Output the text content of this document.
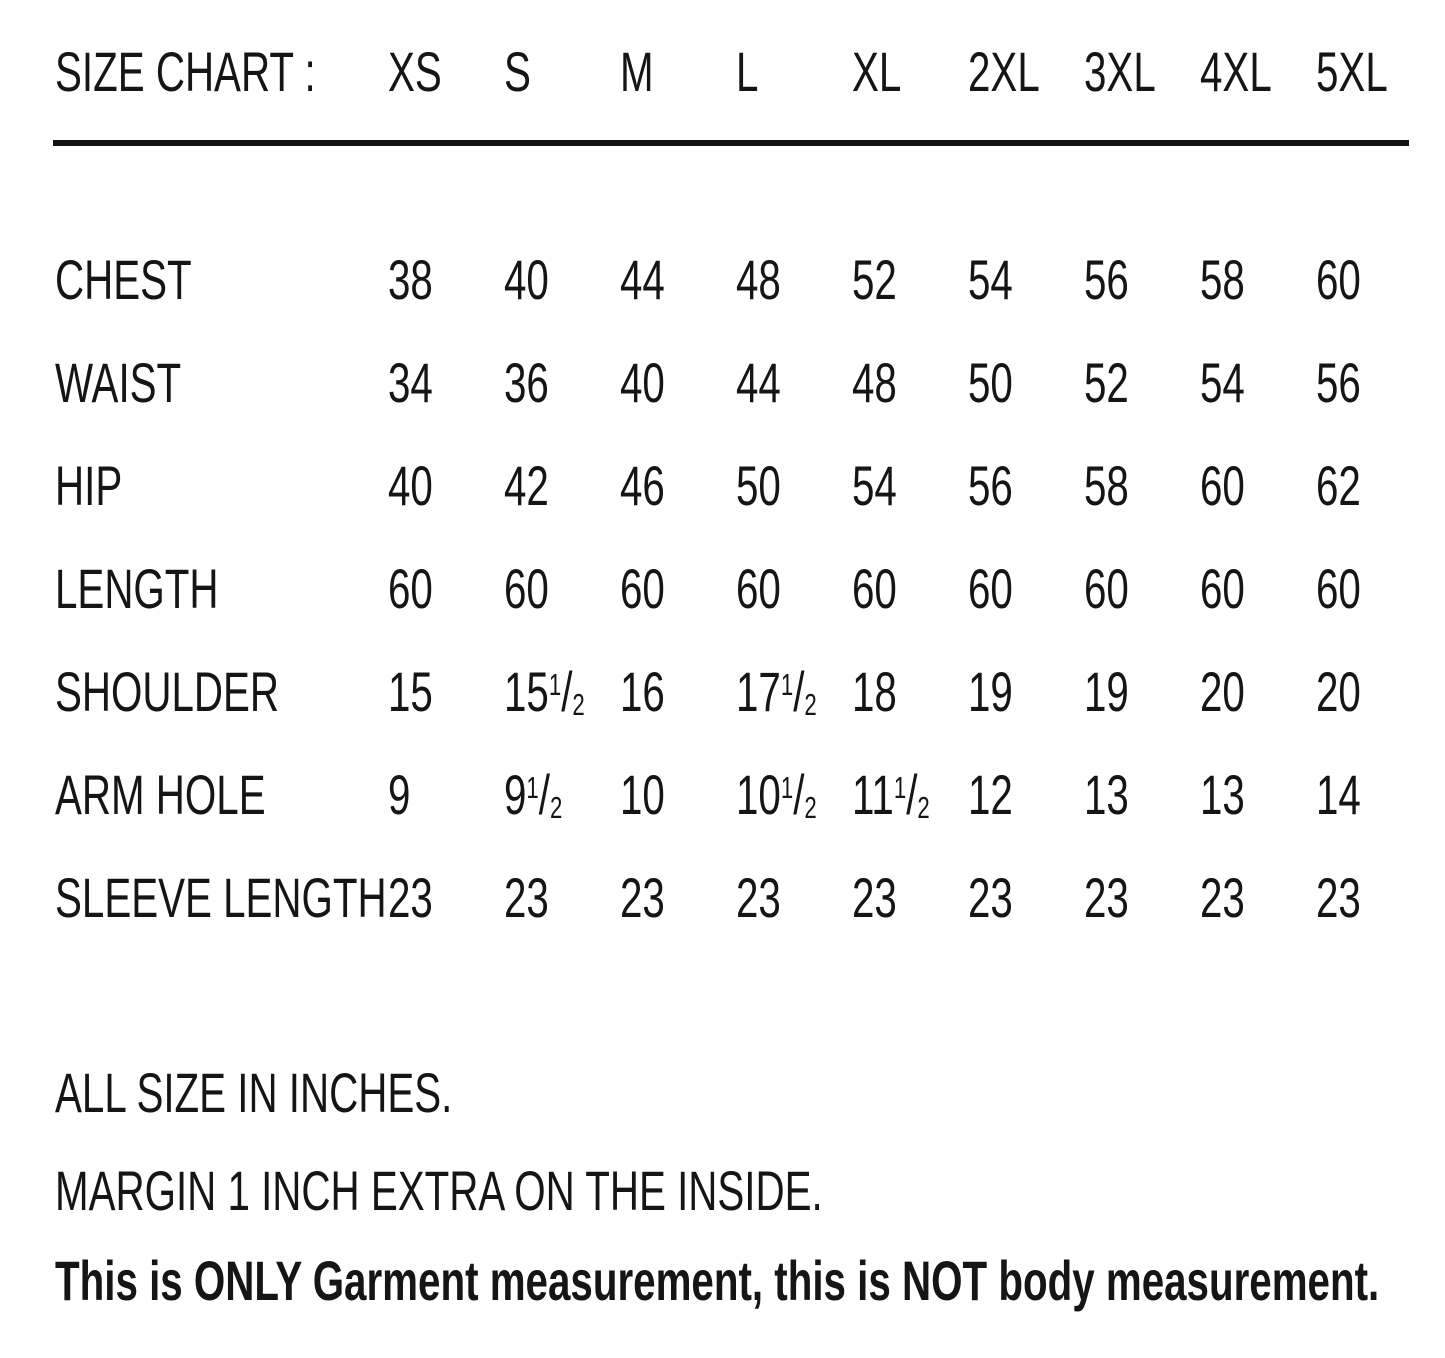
SIZE CHART : XS S M L XL 2XL 3XL 4XL 5XL
CHEST	38 40 44 48 52 54 56 58 60
WAIST	34 36 40 44 48 50 52 54 56
HIP	40 42 46 50 54 56 58 60 62
LENGTH	60 60 60 60 60 60 60 60 60
SHOULDER 15 $15^1/2$ 16 $17^1/2$ 18 19 19 20 20
ARM HOLE 9 $9^1/2$ 10 $10^1/2$ $11^1/2$ 12 13 13 14
SLEEVE LENGTH 23 23 23 23 23 23 23 23 23
ALL SIZE IN INCHES.
MARGIN 1 INCH EXTRA ON THE INSIDE.
This is ONLY Garment measurement, this is NOT body measurement.
